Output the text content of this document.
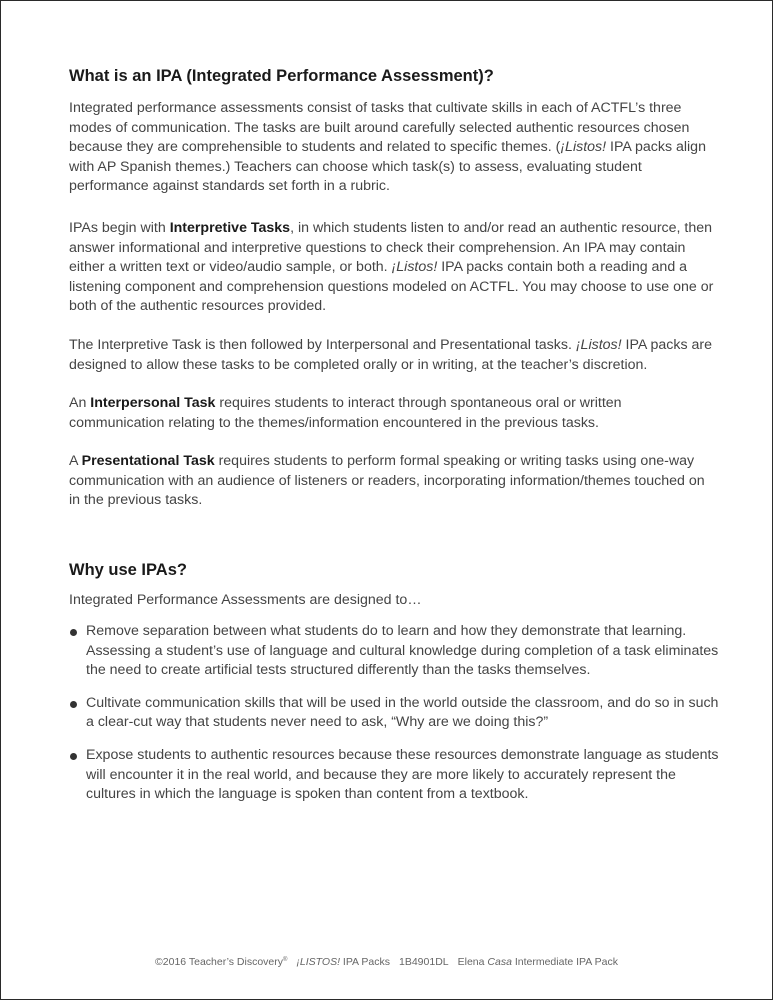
What is an IPA (Integrated Performance Assessment)?

Integrated performance assessments consist of tasks that cultivate skills in each of ACTFL’s three modes of communication. The tasks are built around carefully selected authentic resources chosen because they are comprehensible to students and related to specific themes. (¡Listos! IPA packs align with AP Spanish themes.) Teachers can choose which task(s) to assess, evaluating student performance against standards set forth in a rubric.

IPAs begin with Interpretive Tasks, in which students listen to and/or read an authentic resource, then answer informational and interpretive questions to check their comprehension. An IPA may contain either a written text or video/audio sample, or both. ¡Listos! IPA packs contain both a reading and a listening component and comprehension questions modeled on ACTFL. You may choose to use one or both of the authentic resources provided.

The Interpretive Task is then followed by Interpersonal and Presentational tasks. ¡Listos! IPA packs are designed to allow these tasks to be completed orally or in writing, at the teacher’s discretion.

An Interpersonal Task requires students to interact through spontaneous oral or written communication relating to the themes/information encountered in the previous tasks.

A Presentational Task requires students to perform formal speaking or writing tasks using one-way communication with an audience of listeners or readers, incorporating information/themes touched on in the previous tasks.

Why use IPAs?

Integrated Performance Assessments are designed to…

Remove separation between what students do to learn and how they demonstrate that learning. Assessing a student’s use of language and cultural knowledge during completion of a task eliminates the need to create artificial tests structured differently than the tasks themselves.
Cultivate communication skills that will be used in the world outside the classroom, and do so in such a clear-cut way that students never need to ask, “Why are we doing this?”
Expose students to authentic resources because these resources demonstrate language as students will encounter it in the real world, and because they are more likely to accurately represent the cultures in which the language is spoken than content from a textbook.
©2016 Teacher’s Discovery® ¡LISTOS! IPA Packs 1B4901DL Elena Casa Intermediate IPA Pack
